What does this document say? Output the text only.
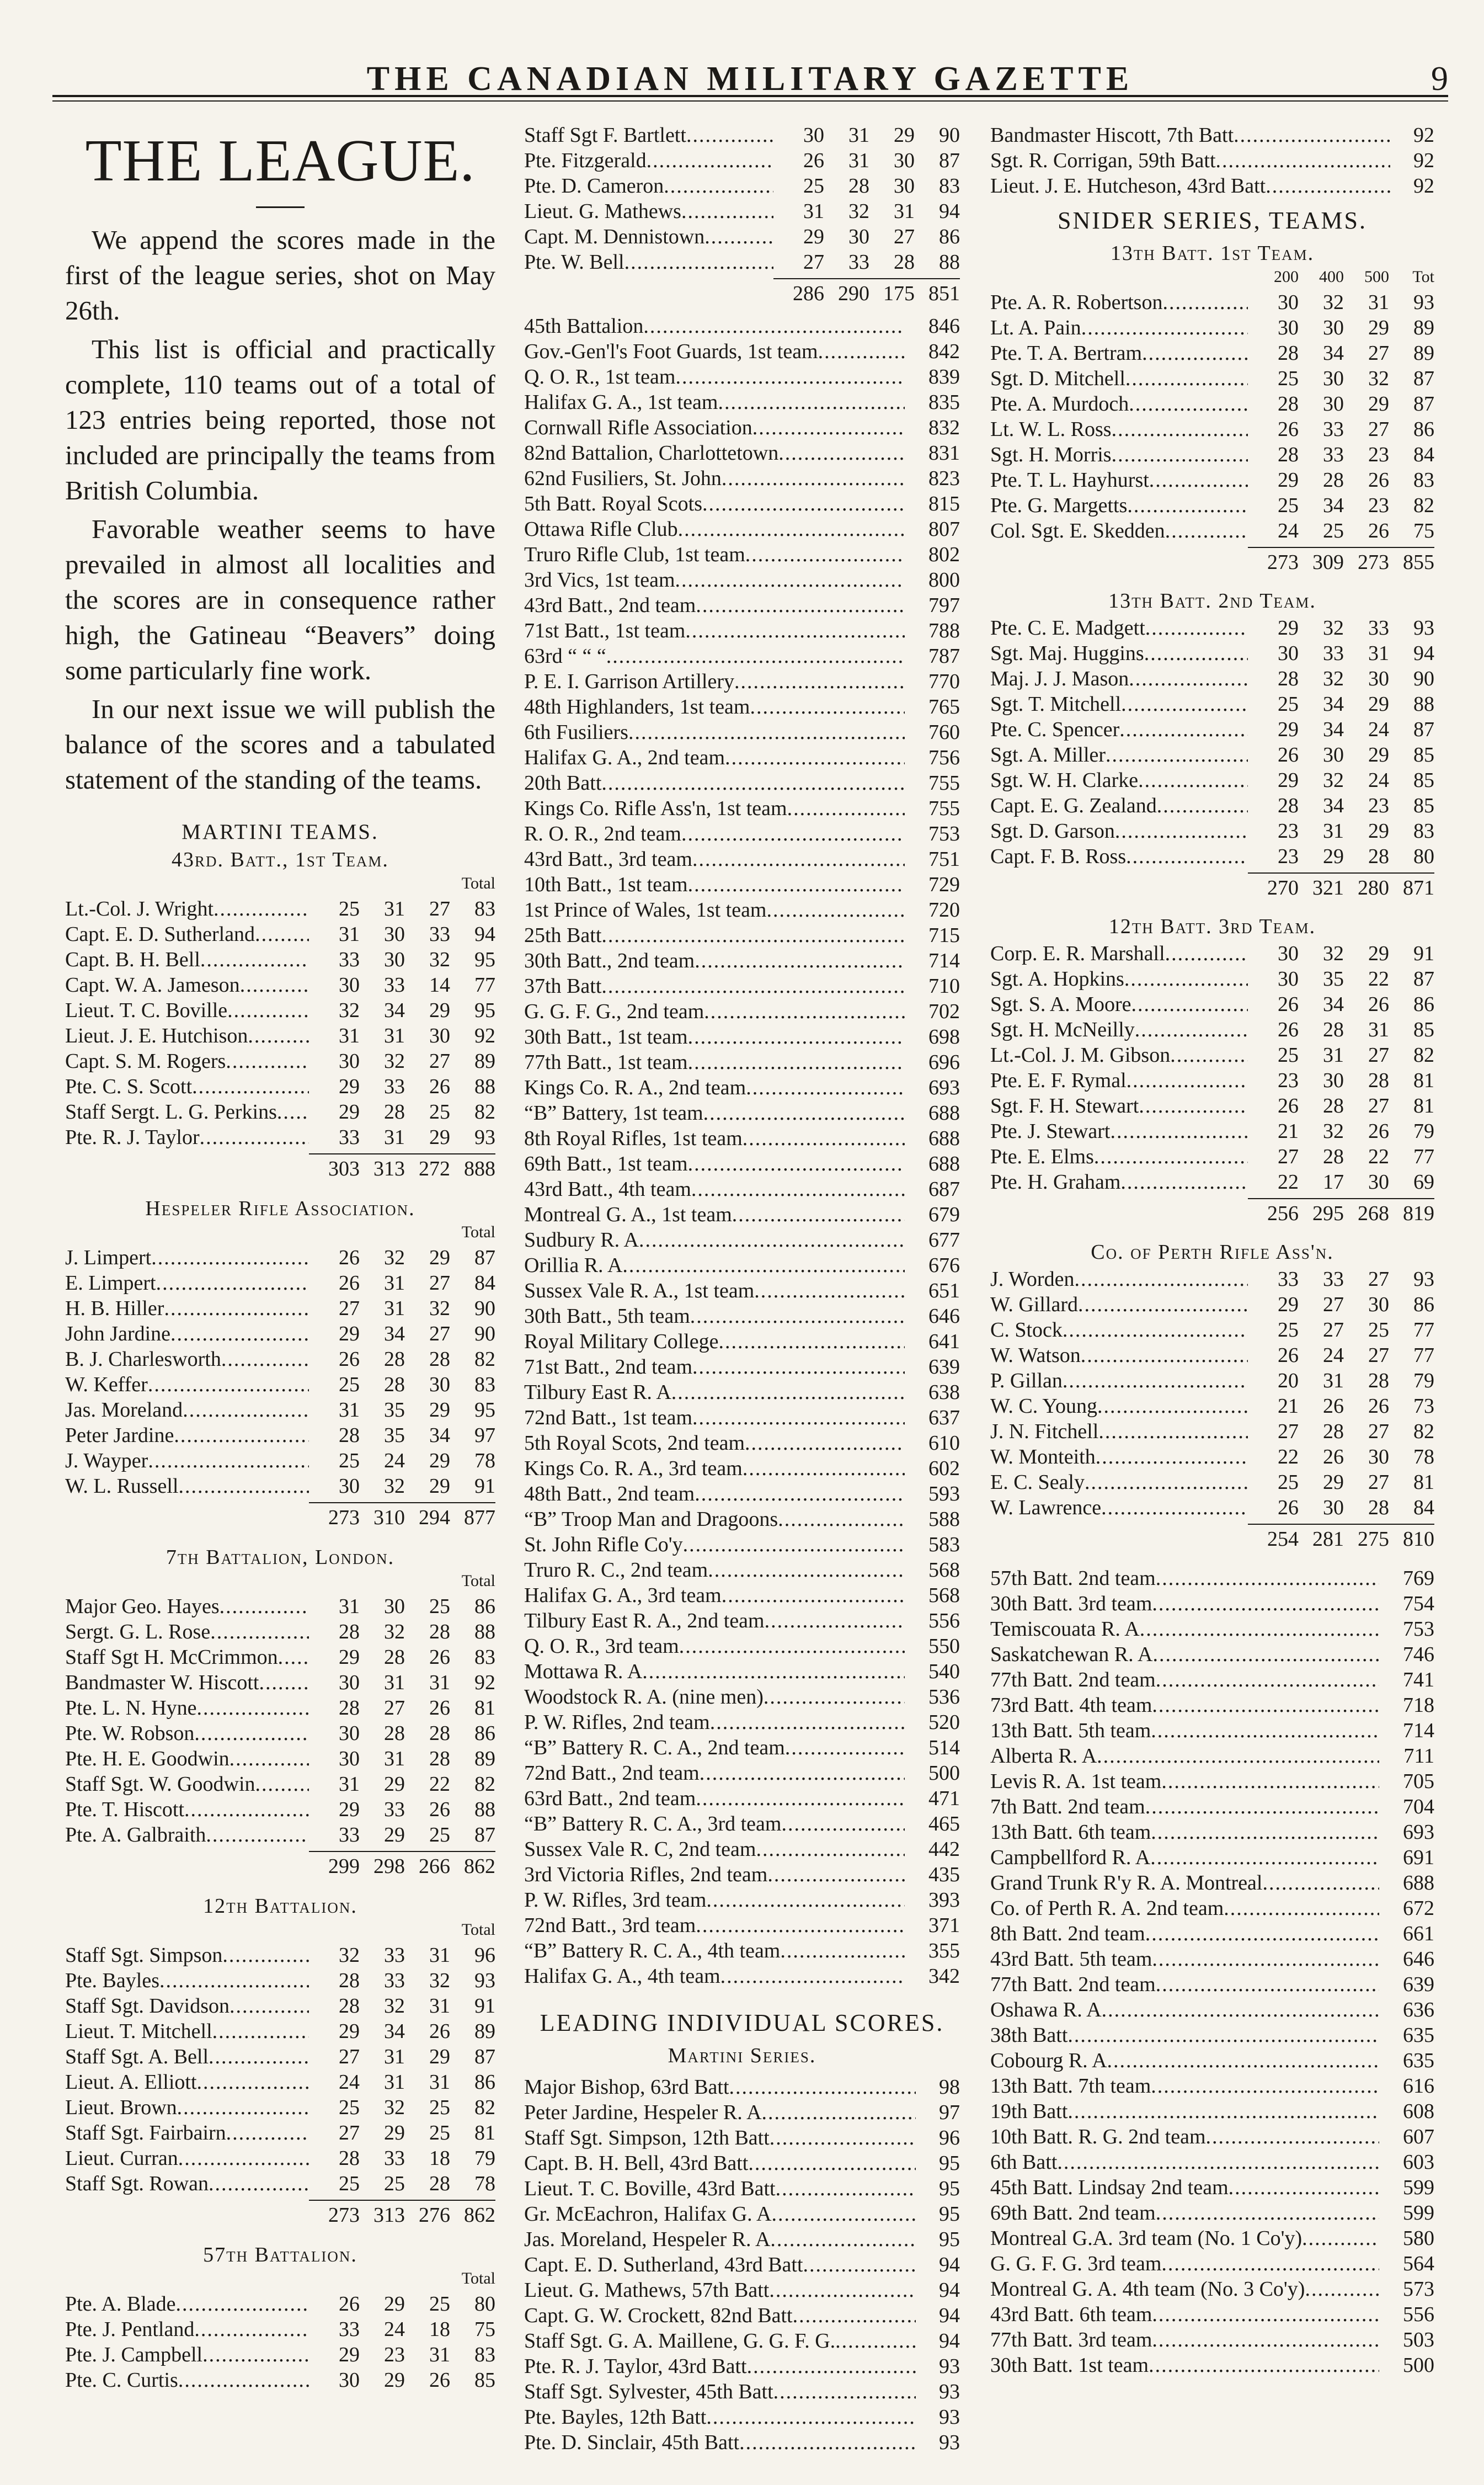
THE CANADIAN MILITARY GAZETTE	9
THE LEAGUE.

We append the scores made in the first of the league series, shot on May 26th.

This list is official and practically complete, 110 teams out of a total of 123 entries being reported, those not included are principally the teams from British Columbia.

Favorable weather seems to have prevailed in almost all localities and the scores are in consequence rather high, the Gatineau “Beavers” doing some particularly fine work.

In our next issue we will publish the balance of the scores and a tabulated statement of the standing of the teams.

MARTINI TEAMS.
43rd. Batt., 1st Team.
Total
Lt.-Col. J. Wright .....	25	31	27	83
Capt. E. D. Sutherland .....	31	30	33	94
Capt. B. H. Bell .....	33	30	32	95
Capt. W. A. Jameson .....	30	33	14	77
Lieut. T. C. Boville .....	32	34	29	95
Lieut. J. E. Hutchison .....	31	31	30	92
Capt. S. M. Rogers .....	30	32	27	89
Pte. C. S. Scott .....	29	33	26	88
Staff Sergt. L. G. Perkins .....	29	28	25	82
Pte. R. J. Taylor .....	33	31	29	93
303 313 272 888
Hespeler Rifle Association.
Total
J. Limpert .....	26	32	29	87
E. Limpert .....	26	31	27	84
H. B. Hiller .....	27	31	32	90
John Jardine .....	29	34	27	90
B. J. Charlesworth .....	26	28	28	82
W. Keffer .....	25	28	30	83
Jas. Moreland .....	31	35	29	95
Peter Jardine .....	28	35	34	97
J. Wayper .....	25	24	29	78
W. L. Russell .....	30	32	29	91
273 310 294 877
7th Battalion, London.
Total
Major Geo. Hayes .....	31	30	25	86
Sergt. G. L. Rose .....	28	32	28	88
Staff Sgt H. McCrimmon .....	29	28	26	83
Bandmaster W. Hiscott .....	30	31	31	92
Pte. L. N. Hyne .....	28	27	26	81
Pte. W. Robson .....	30	28	28	86
Pte. H. E. Goodwin .....	30	31	28	89
Staff Sgt. W. Goodwin .....	31	29	22	82
Pte. T. Hiscott .....	29	33	26	88
Pte. A. Galbraith .....	33	29	25	87
299 298 266 862
12th Battalion.
Total
Staff Sgt. Simpson .....	32	33	31	96
Pte. Bayles .....	28	33	32	93
Staff Sgt. Davidson .....	28	32	31	91
Lieut. T. Mitchell .....	29	34	26	89
Staff Sgt. A. Bell .....	27	31	29	87
Lieut. A. Elliott .....	24	31	31	86
Lieut. Brown .....	25	32	25	82
Staff Sgt. Fairbairn .....	27	29	25	81
Lieut. Curran .....	28	33	18	79
Staff Sgt. Rowan .....	25	25	28	78
273 313 276 862
57th Battalion.
Total
Pte. A. Blade .....	26	29	25	80
Pte. J. Pentland .....	33	24	18	75
Pte. J. Campbell .....	29	23	31	83
Pte. C. Curtis .....	30	29	26	85
Staff Sgt F. Bartlett .....	30	31	29	90
Pte. Fitzgerald .....	26	31	30	87
Pte. D. Cameron .....	25	28	30	83
Lieut. G. Mathews .....	31	32	31	94
Capt. M. Dennistown .....	29	30	27	86
Pte. W. Bell .....	27	33	28	88
286 290 175 851
45th Battalion .....	846
Gov.-Gen'l's Foot Guards, 1st team .....	842
Q. O. R., 1st team .....	839
Halifax G. A., 1st team .....	835
Cornwall Rifle Association .....	832
82nd Battalion, Charlottetown .....	831
62nd Fusiliers, St. John .....	823
5th Batt. Royal Scots .....	815
Ottawa Rifle Club .....	807
Truro Rifle Club, 1st team .....	802
3rd Vics, 1st team .....	800
43rd Batt., 2nd team .....	797
71st Batt., 1st team .....	788
63rd “ “ “ .....	787
P. E. I. Garrison Artillery .....	770
48th Highlanders, 1st team .....	765
6th Fusiliers .....	760
Halifax G. A., 2nd team .....	756
20th Batt .....	755
Kings Co. Rifle Ass'n, 1st team .....	755
R. O. R., 2nd team .....	753
43rd Batt., 3rd team .....	751
10th Batt., 1st team .....	729
1st Prince of Wales, 1st team .....	720
25th Batt .....	715
30th Batt., 2nd team .....	714
37th Batt .....	710
G. G. F. G., 2nd team .....	702
30th Batt., 1st team .....	698
77th Batt., 1st team .....	696
Kings Co. R. A., 2nd team .....	693
“B” Battery, 1st team .....	688
8th Royal Rifles, 1st team .....	688
69th Batt., 1st team .....	688
43rd Batt., 4th team .....	687
Montreal G. A., 1st team .....	679
Sudbury R. A .....	677
Orillia R. A .....	676
Sussex Vale R. A., 1st team .....	651
30th Batt., 5th team .....	646
Royal Military College .....	641
71st Batt., 2nd team .....	639
Tilbury East R. A .....	638
72nd Batt., 1st team .....	637
5th Royal Scots, 2nd team .....	610
Kings Co. R. A., 3rd team .....	602
48th Batt., 2nd team .....	593
“B” Troop Man and Dragoons .....	588
St. John Rifle Co'y .....	583
Truro R. C., 2nd team .....	568
Halifax G. A., 3rd team .....	568
Tilbury East R. A., 2nd team .....	556
Q. O. R., 3rd team .....	550
Mottawa R. A .....	540
Woodstock R. A. (nine men) .....	536
P. W. Rifles, 2nd team .....	520
“B” Battery R. C. A., 2nd team .....	514
72nd Batt., 2nd team .....	500
63rd Batt., 2nd team .....	471
“B” Battery R. C. A., 3rd team .....	465
Sussex Vale R. C, 2nd team .....	442
3rd Victoria Rifles, 2nd team .....	435
P. W. Rifles, 3rd team .....	393
72nd Batt., 3rd team .....	371
“B” Battery R. C. A., 4th team .....	355
Halifax G. A., 4th team .....	342
LEADING INDIVIDUAL SCORES.
Martini Series.
Major Bishop, 63rd Batt .....	98
Peter Jardine, Hespeler R. A .....	97
Staff Sgt. Simpson, 12th Batt .....	96
Capt. B. H. Bell, 43rd Batt .....	95
Lieut. T. C. Boville, 43rd Batt .....	95
Gr. McEachron, Halifax G. A .....	95
Jas. Moreland, Hespeler R. A .....	95
Capt. E. D. Sutherland, 43rd Batt .....	94
Lieut. G. Mathews, 57th Batt .....	94
Capt. G. W. Crockett, 82nd Batt .....	94
Staff Sgt. G. A. Maillene, G. G. F. G. .....	94
Pte. R. J. Taylor, 43rd Batt .....	93
Staff Sgt. Sylvester, 45th Batt .....	93
Pte. Bayles, 12th Batt .....	93
Pte. D. Sinclair, 45th Batt .....	93
Bandmaster Hiscott, 7th Batt .....	92
Sgt. R. Corrigan, 59th Batt .....	92
Lieut. J. E. Hutcheson, 43rd Batt .....	92
SNIDER SERIES, TEAMS.
13th Batt. 1st Team.
200	400	500	Tot
Pte. A. R. Robertson .....	30	32	31	93
Lt. A. Pain .....	30	30	29	89
Pte. T. A. Bertram .....	28	34	27	89
Sgt. D. Mitchell .....	25	30	32	87
Pte. A. Murdoch .....	28	30	29	87
Lt. W. L. Ross .....	26	33	27	86
Sgt. H. Morris .....	28	33	23	84
Pte. T. L. Hayhurst .....	29	28	26	83
Pte. G. Margetts .....	25	34	23	82
Col. Sgt. E. Skedden .....	24	25	26	75
273 309 273 855
13th Batt. 2nd Team.
Pte. C. E. Madgett .....	29	32	33	93
Sgt. Maj. Huggins .....	30	33	31	94
Maj. J. J. Mason .....	28	32	30	90
Sgt. T. Mitchell .....	25	34	29	88
Pte. C. Spencer .....	29	34	24	87
Sgt. A. Miller .....	26	30	29	85
Sgt. W. H. Clarke .....	29	32	24	85
Capt. E. G. Zealand .....	28	34	23	85
Sgt. D. Garson .....	23	31	29	83
Capt. F. B. Ross .....	23	29	28	80
270 321 280 871
12th Batt. 3rd Team.
Corp. E. R. Marshall .....	30	32	29	91
Sgt. A. Hopkins .....	30	35	22	87
Sgt. S. A. Moore .....	26	34	26	86
Sgt. H. McNeilly .....	26	28	31	85
Lt.-Col. J. M. Gibson .....	25	31	27	82
Pte. E. F. Rymal .....	23	30	28	81
Sgt. F. H. Stewart .....	26	28	27	81
Pte. J. Stewart .....	21	32	26	79
Pte. E. Elms .....	27	28	22	77
Pte. H. Graham .....	22	17	30	69
256 295 268 819
Co. of Perth Rifle Ass'n.
J. Worden .....	33	33	27	93
W. Gillard .....	29	27	30	86
C. Stock .....	25	27	25	77
W. Watson .....	26	24	27	77
P. Gillan .....	20	31	28	79
W. C. Young .....	21	26	26	73
J. N. Fitchell .....	27	28	27	82
W. Monteith .....	22	26	30	78
E. C. Sealy .....	25	29	27	81
W. Lawrence .....	26	30	28	84
254 281 275 810
57th Batt. 2nd team .....	769
30th Batt. 3rd team .....	754
Temiscouata R. A .....	753
Saskatchewan R. A .....	746
77th Batt. 2nd team .....	741
73rd Batt. 4th team .....	718
13th Batt. 5th team .....	714
Alberta R. A .....	711
Levis R. A. 1st team .....	705
7th Batt. 2nd team .....	704
13th Batt. 6th team .....	693
Campbellford R. A .....	691
Grand Trunk R'y R. A. Montreal .....	688
Co. of Perth R. A. 2nd team .....	672
8th Batt. 2nd team .....	661
43rd Batt. 5th team .....	646
77th Batt. 2nd team .....	639
Oshawa R. A .....	636
38th Batt .....	635
Cobourg R. A .....	635
13th Batt. 7th team .....	616
19th Batt .....	608
10th Batt. R. G. 2nd team .....	607
6th Batt .....	603
45th Batt. Lindsay 2nd team .....	599
69th Batt. 2nd team .....	599
Montreal G.A. 3rd team (No. 1 Co'y) .....	580
G. G. F. G. 3rd team .....	564
Montreal G. A. 4th team (No. 3 Co'y) .....	573
43rd Batt. 6th team .....	556
77th Batt. 3rd team .....	503
30th Batt. 1st team .....	500
